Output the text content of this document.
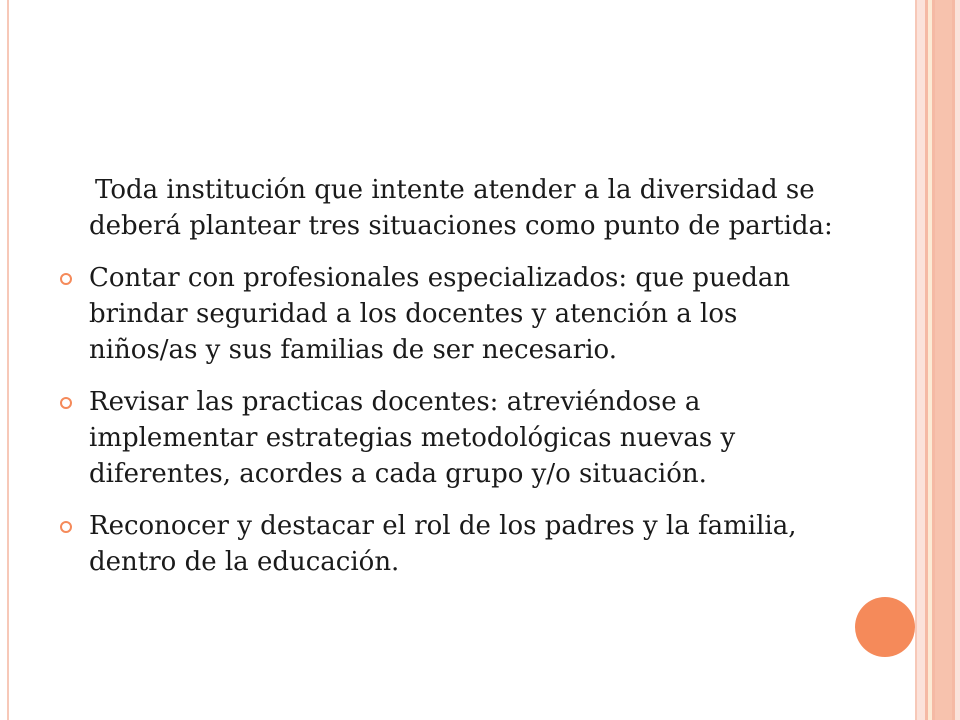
Toda institución que intente atender a la diversidad se deberá plantear tres situaciones como punto de partida:

Contar con profesionales especializados: que puedan brindar seguridad a los docentes y atención a los niños/as y sus familias de ser necesario.
Revisar las practicas docentes: atreviéndose a implementar estrategias metodológicas nuevas y diferentes, acordes a cada grupo y/o situación.
Reconocer y destacar el rol de los padres y la familia, dentro de la educación.
